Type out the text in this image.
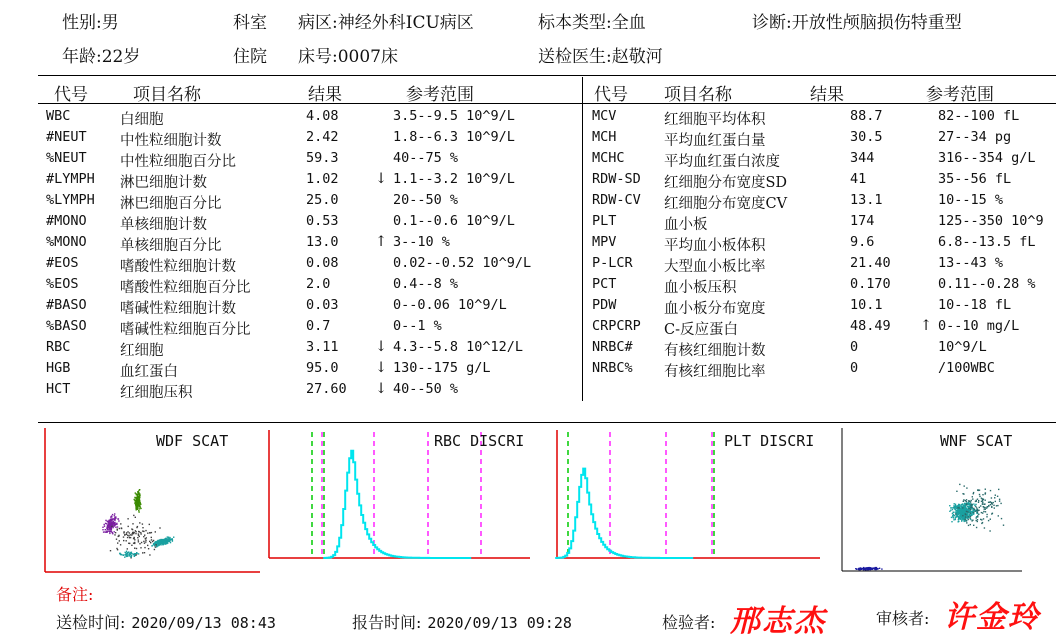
性别:男	科室 病区:神经外科ICU病区	标本类型:全血	诊断:开放性颅脑损伤特重型
年龄:22岁	住院 床号:0007床	送检医生:赵敬河
代号	项目名称	结果	参考范围	代号 项目名称	结果	参考范围
WBC	白细胞	4.08	3.5--9.5 10^9/L
#NEUT 中性粒细胞计数	2.42	1.8--6.3 10^9/L
%NEUT 中性粒细胞百分比	59.3	40--75 %
#LYMPH 淋巴细胞计数	1.02	↓ 1.1--3.2 10^9/L
%LYMPH 淋巴细胞百分比	25.0	20--50 %
#MONO 单核细胞计数	0.53	0.1--0.6 10^9/L
%MONO 单核细胞百分比	13.0	↑ 3--10 %
#EOS	嗜酸性粒细胞计数	0.08	0.02--0.52 10^9/L
%EOS	嗜酸性粒细胞百分比	2.0	0.4--8 %
#BASO 嗜碱性粒细胞计数	0.03	0--0.06 10^9/L
%BASO 嗜碱性粒细胞百分比	0.7	0--1 %
RBC	红细胞	3.11	↓ 4.3--5.8 10^12/L
HGB	血红蛋白	95.0	↓ 130--175 g/L
HCT	红细胞压积	27.60 ↓ 40--50 %
MCV	红细胞平均体积	88.7	82--100 fL
MCH	平均血红蛋白量	30.5	27--34 pg
MCHC	平均血红蛋白浓度	344	316--354 g/L
RDW-SD 红细胞分布宽度SD	41	35--56 fL
RDW-CV 红细胞分布宽度CV	13.1	10--15 %
PLT	血小板	174	125--350 10^9
MPV	平均血小板体积	9.6	6.8--13.5 fL
P-LCR 大型血小板比率	21.40	13--43 %
PCT	血小板压积	0.170	0.11--0.28 %
PDW	血小板分布宽度	10.1	10--18 fL
CRPCRP C-反应蛋白	48.49 ↑ 0--10 mg/L
NRBC# 有核红细胞计数	0	10^9/L
NRBC% 有核红细胞比率	0	/100WBC
WDF SCAT	RBC DISCRI	PLT DISCRI	WNF SCAT
备注:
送检时间: 2020/09/13 08:43	报告时间: 2020/09/13 09:28	检验者: 邢志杰	审核者: 许金玲
